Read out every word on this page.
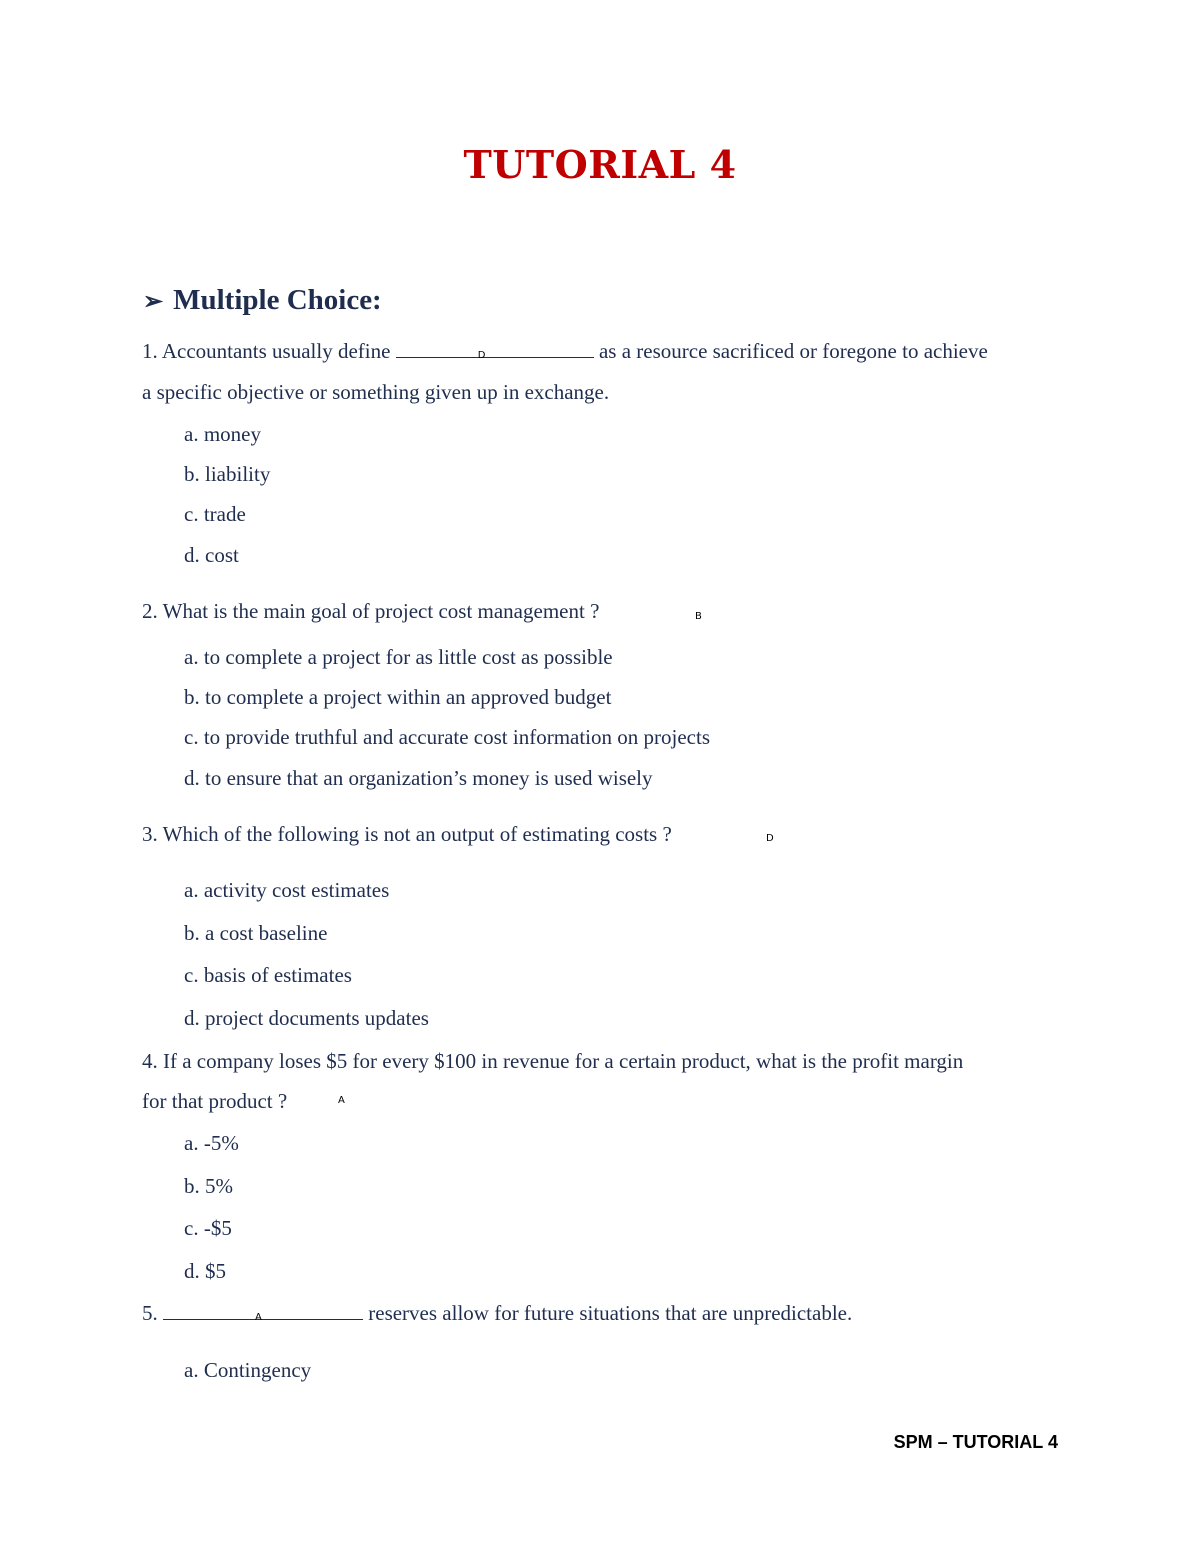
TUTORIAL 4
➢ Multiple Choice:
1. Accountants usually define	D	as a resource sacrificed or foregone to achieve
a specific objective or something given up in exchange.
a. money
b. liability
c. trade
d. cost
2. What is the main goal of project cost management ?	B
a. to complete a project for as little cost as possible
b. to complete a project within an approved budget
c. to provide truthful and accurate cost information on projects
d. to ensure that an organization’s money is used wisely
3. Which of the following is not an output of estimating costs ?	D
a. activity cost estimates
b. a cost baseline
c. basis of estimates
d. project documents updates
4. If a company loses $5 for every $100 in revenue for a certain product, what is the profit margin
for that product ?	A
a. -5%
b. 5%
c. -$5
d. $5
5.	A	reserves allow for future situations that are unpredictable.
a. Contingency
SPM – TUTORIAL 4
